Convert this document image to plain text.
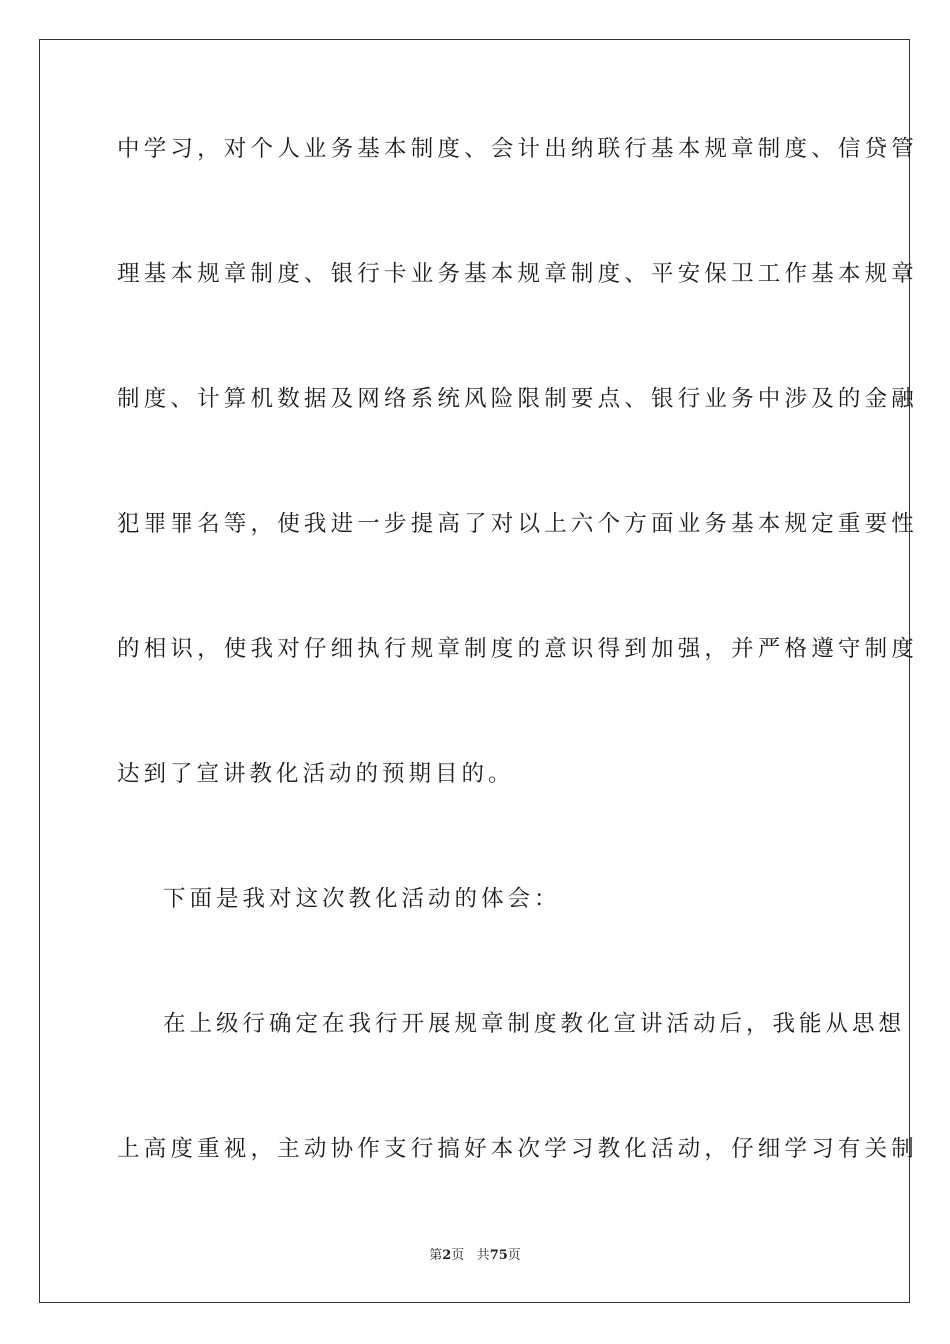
中学习，对个人业务基本制度、会计出纳联行基本规章制度、信贷管
理基本规章制度、银行卡业务基本规章制度、平安保卫工作基本规章
制度、计算机数据及网络系统风险限制要点、银行业务中涉及的金融
犯罪罪名等，使我进一步提高了对以上六个方面业务基本规定重要性
的相识，使我对仔细执行规章制度的意识得到加强，并严格遵守制度
达到了宣讲教化活动的预期目的。
下面是我对这次教化活动的体会：
在上级行确定在我行开展规章制度教化宣讲活动后，我能从思想
上高度重视，主动协作支行搞好本次学习教化活动，仔细学习有关制
第2页 共75页
